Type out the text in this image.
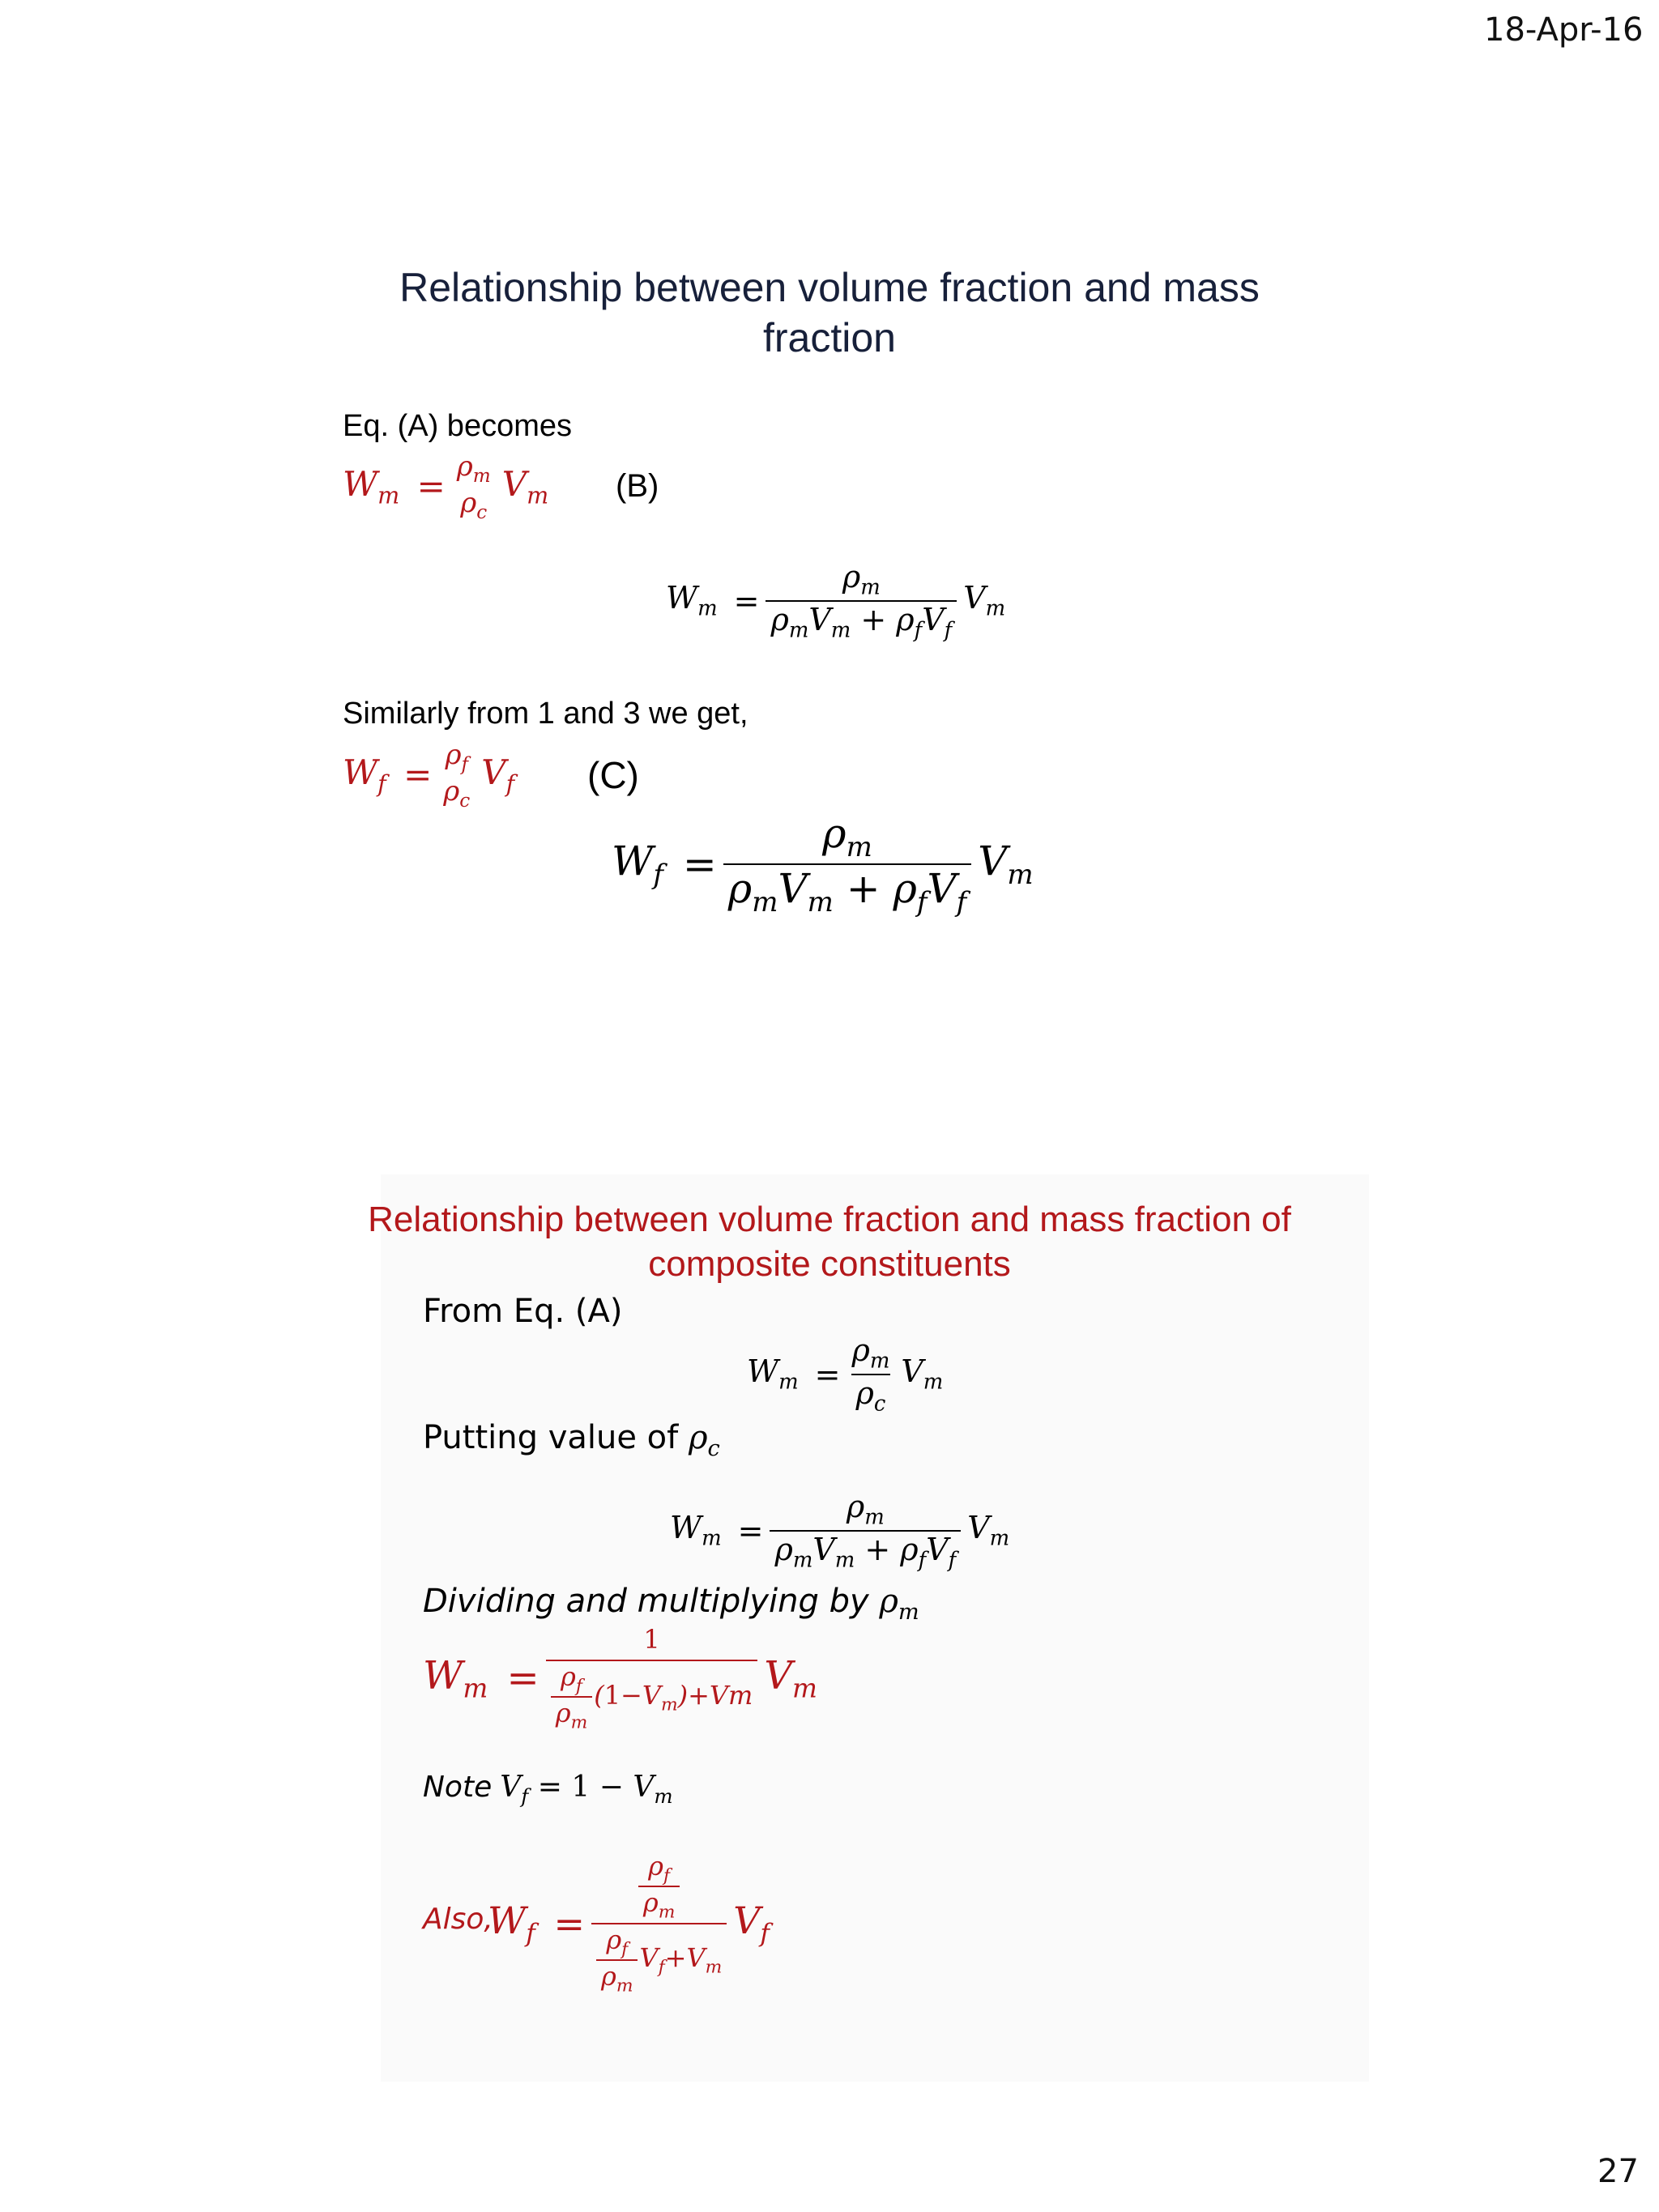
18-Apr-16
27
Relationship between volume fraction and mass
fraction
Eq. (A) becomes
$W_m$ =
$\rho_m$
$\rho_c$
$V_m$ (B)
$W_m = \frac{\rho_m}{\rho_mV_m + \rho_fV_f} V_m$
Similarly from 1 and 3 we get,
$W_f$ =
$\rho_f$
$\rho_c$
$V_f$ (C)
$W_f = \frac{\rho_m}{\rho_mV_m + \rho_fV_f} V_m$
Relationship between volume fraction and mass fraction of
composite constituents
From Eq. (A)
$W_m = \frac{\rho_m}{\rho_c} V_m$
Putting value of $\rho_c$
$W_m = \frac{\rho_m}{\rho_mV_m + \rho_fV_f} V_m$
Dividing and multiplying by $\rho_m$
$W_m = \frac{1}{\frac{\rho_f}{\rho_m} (1-V_m)+Vm} V_m$
Note $V_f = 1 - V_m$
Also,
$W_f = \frac{\frac{\rho_f}{\rho_m}}{\frac{\rho_f}{\rho_m} V_f+V_m} V_f$
